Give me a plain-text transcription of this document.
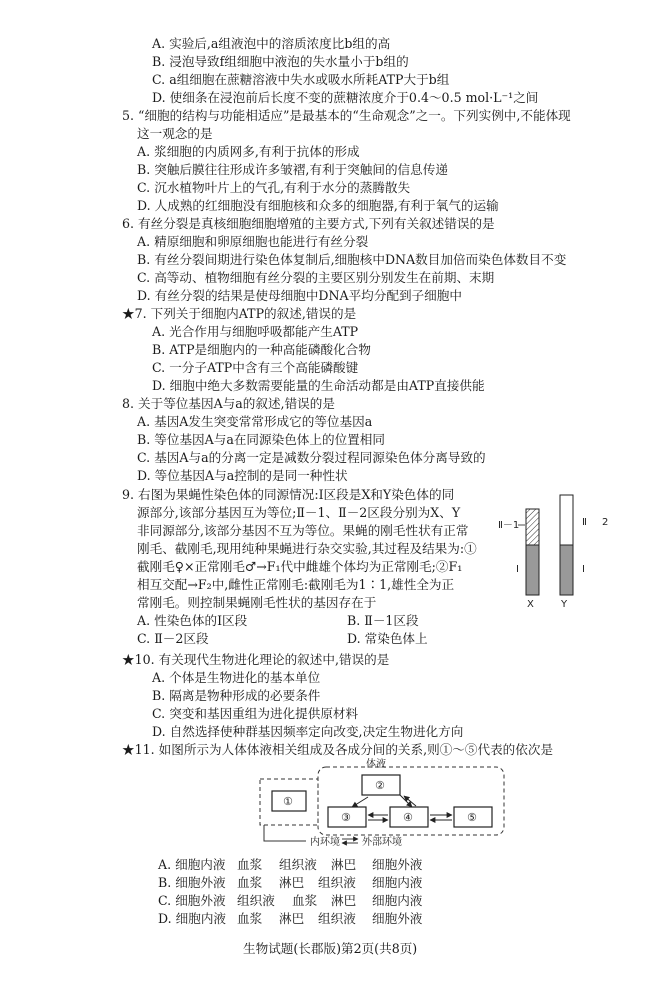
A. 实验后,a组液泡中的溶质浓度比b组的高
B. 浸泡导致f组细胞中液泡的失水量小于b组的
C. a组细胞在蔗糖溶液中失水或吸水所耗ATP大于b组
D. 使细条在浸泡前后长度不变的蔗糖浓度介于0.4～0.5 mol·L⁻¹之间
5. “细胞的结构与功能相适应”是最基本的“生命观念”之一。下列实例中,不能体现
这一观念的是
A. 浆细胞的内质网多,有利于抗体的形成
B. 突触后膜往往形成许多皱褶,有利于突触间的信息传递
C. 沉水植物叶片上的气孔,有利于水分的蒸腾散失
D. 人成熟的红细胞没有细胞核和众多的细胞器,有利于氧气的运输
6. 有丝分裂是真核细胞细胞增殖的主要方式,下列有关叙述错误的是
A. 精原细胞和卵原细胞也能进行有丝分裂
B. 有丝分裂间期进行染色体复制后,细胞核中DNA数目加倍而染色体数目不变
C. 高等动、植物细胞有丝分裂的主要区别分别发生在前期、末期
D. 有丝分裂的结果是使母细胞中DNA平均分配到子细胞中
★7. 下列关于细胞内ATP的叙述,错误的是
A. 光合作用与细胞呼吸都能产生ATP
B. ATP是细胞内的一种高能磷酸化合物
C. 一分子ATP中含有三个高能磷酸键
D. 细胞中绝大多数需要能量的生命活动都是由ATP直接供能
8. 关于等位基因A与a的叙述,错误的是
A. 基因A发生突变常常形成它的等位基因a
B. 等位基因A与a在同源染色体上的位置相同
C. 基因A与a的分离一定是减数分裂过程同源染色体分离导致的
D. 等位基因A与a控制的是同一种性状
9. 右图为果蝇性染色体的同源情况:Ⅰ区段是X和Y染色体的同
源部分,该部分基因互为等位;Ⅱ－1、Ⅱ－2区段分别为X、Y
非同源部分,该部分基因不互为等位。果蝇的刚毛性状有正常
刚毛、截刚毛,现用纯种果蝇进行杂交实验,其过程及结果为:①
截刚毛♀×正常刚毛♂→F₁代中雌雄个体均为正常刚毛;②F₁
相互交配→F₂中,雌性正常刚毛:截刚毛为1∶1,雄性全为正
常刚毛。则控制果蝇刚毛性状的基因存在于
A. 性染色体的Ⅰ区段	B. Ⅱ－1区段
C. Ⅱ－2区段	D. 常染色体上
Ⅱ－1
Ⅰ
Ⅱ 2
Ⅰ
X	Y
★10. 有关现代生物进化理论的叙述中,错误的是
A. 个体是生物进化的基本单位
B. 隔离是物种形成的必要条件
C. 突变和基因重组为进化提供原材料
D. 自然选择使种群基因频率定向改变,决定生物进化方向
★11. 如图所示为人体体液相关组成及各成分间的关系,则①～⑤代表的依次是
体液
①
②
③	④	⑤
内环境 外部环境
A. 细胞内液 血浆 组织液 淋巴 细胞外液
B. 细胞外液 血浆 淋巴 组织液 细胞内液
C. 细胞外液 组织液 血浆 淋巴 细胞内液
D. 细胞内液 血浆 淋巴 组织液 细胞外液
生物试题(长郡版)第2页(共8页)
